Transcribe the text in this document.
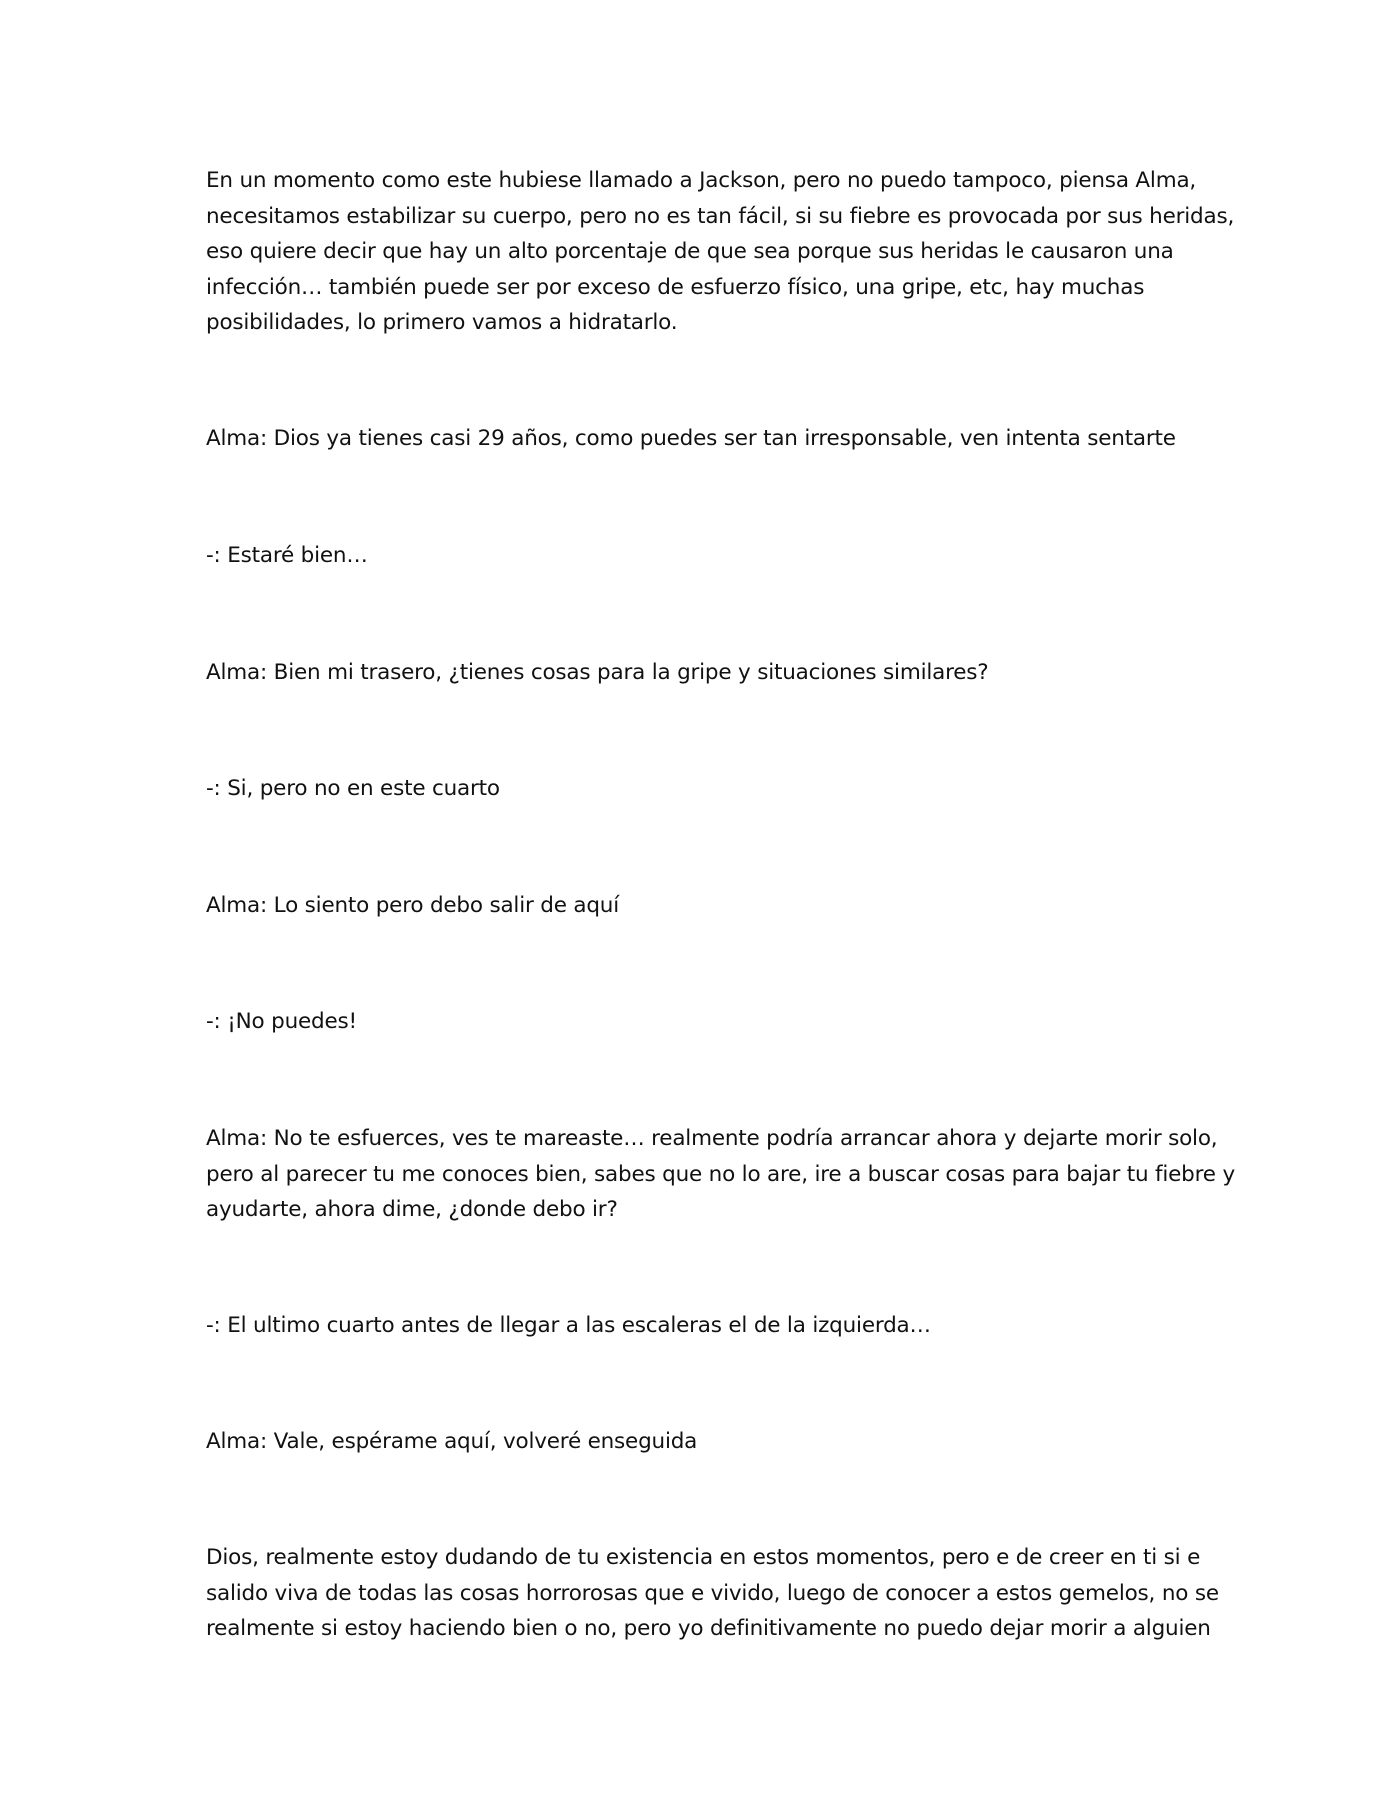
En un momento como este hubiese llamado a Jackson, pero no puedo tampoco, piensa Alma,
necesitamos estabilizar su cuerpo, pero no es tan fácil, si su fiebre es provocada por sus heridas,
eso quiere decir que hay un alto porcentaje de que sea porque sus heridas le causaron una
infección… también puede ser por exceso de esfuerzo físico, una gripe, etc, hay muchas
posibilidades, lo primero vamos a hidratarlo.
Alma: Dios ya tienes casi 29 años, como puedes ser tan irresponsable, ven intenta sentarte
-: Estaré bien…
Alma: Bien mi trasero, ¿tienes cosas para la gripe y situaciones similares?
-: Si, pero no en este cuarto
Alma: Lo siento pero debo salir de aquí
-: ¡No puedes!
Alma: No te esfuerces, ves te mareaste… realmente podría arrancar ahora y dejarte morir solo,
pero al parecer tu me conoces bien, sabes que no lo are, ire a buscar cosas para bajar tu fiebre y
ayudarte, ahora dime, ¿donde debo ir?
-: El ultimo cuarto antes de llegar a las escaleras el de la izquierda…
Alma: Vale, espérame aquí, volveré enseguida
Dios, realmente estoy dudando de tu existencia en estos momentos, pero e de creer en ti si e
salido viva de todas las cosas horrorosas que e vivido, luego de conocer a estos gemelos, no se
realmente si estoy haciendo bien o no, pero yo definitivamente no puedo dejar morir a alguien
